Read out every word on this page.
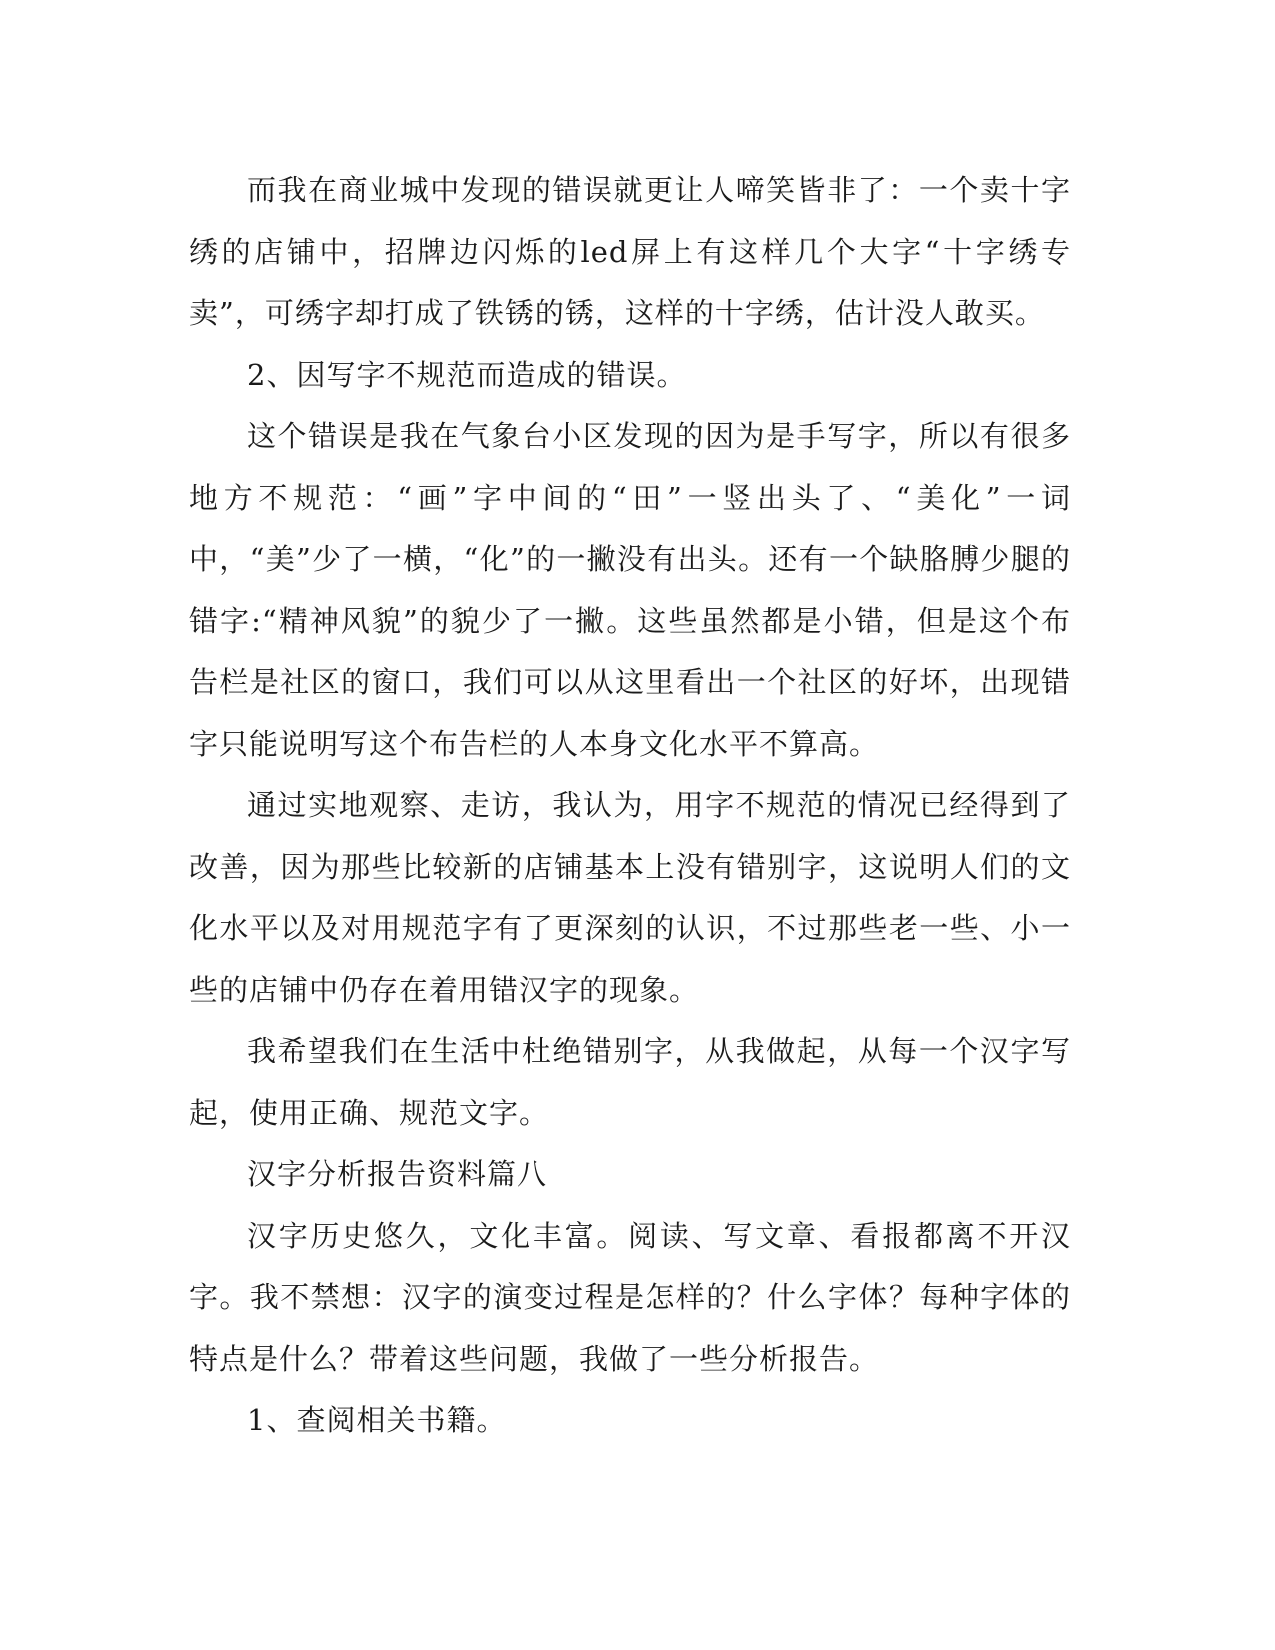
而我在商业城中发现的错误就更让人啼笑皆非了：一个卖十字绣的店铺中，招牌边闪烁的led屏上有这样几个大字“十字绣专卖”，可绣字却打成了铁锈的锈，这样的十字绣，估计没人敢买。

2、因写字不规范而造成的错误。

这个错误是我在气象台小区发现的因为是手写字，所以有很多地方不规范：“画”字中间的“田”一竖出头了、“美化”一词中，“美”少了一横，“化”的一撇没有出头。还有一个缺胳膊少腿的错字:“精神风貌”的貌少了一撇。这些虽然都是小错，但是这个布告栏是社区的窗口，我们可以从这里看出一个社区的好坏，出现错字只能说明写这个布告栏的人本身文化水平不算高。

通过实地观察、走访，我认为，用字不规范的情况已经得到了改善，因为那些比较新的店铺基本上没有错别字，这说明人们的文化水平以及对用规范字有了更深刻的认识，不过那些老一些、小一些的店铺中仍存在着用错汉字的现象。

我希望我们在生活中杜绝错别字，从我做起，从每一个汉字写起，使用正确、规范文字。

汉字分析报告资料篇八

汉字历史悠久，文化丰富。阅读、写文章、看报都离不开汉字。我不禁想：汉字的演变过程是怎样的？什么字体？每种字体的特点是什么？带着这些问题，我做了一些分析报告。

1、查阅相关书籍。
